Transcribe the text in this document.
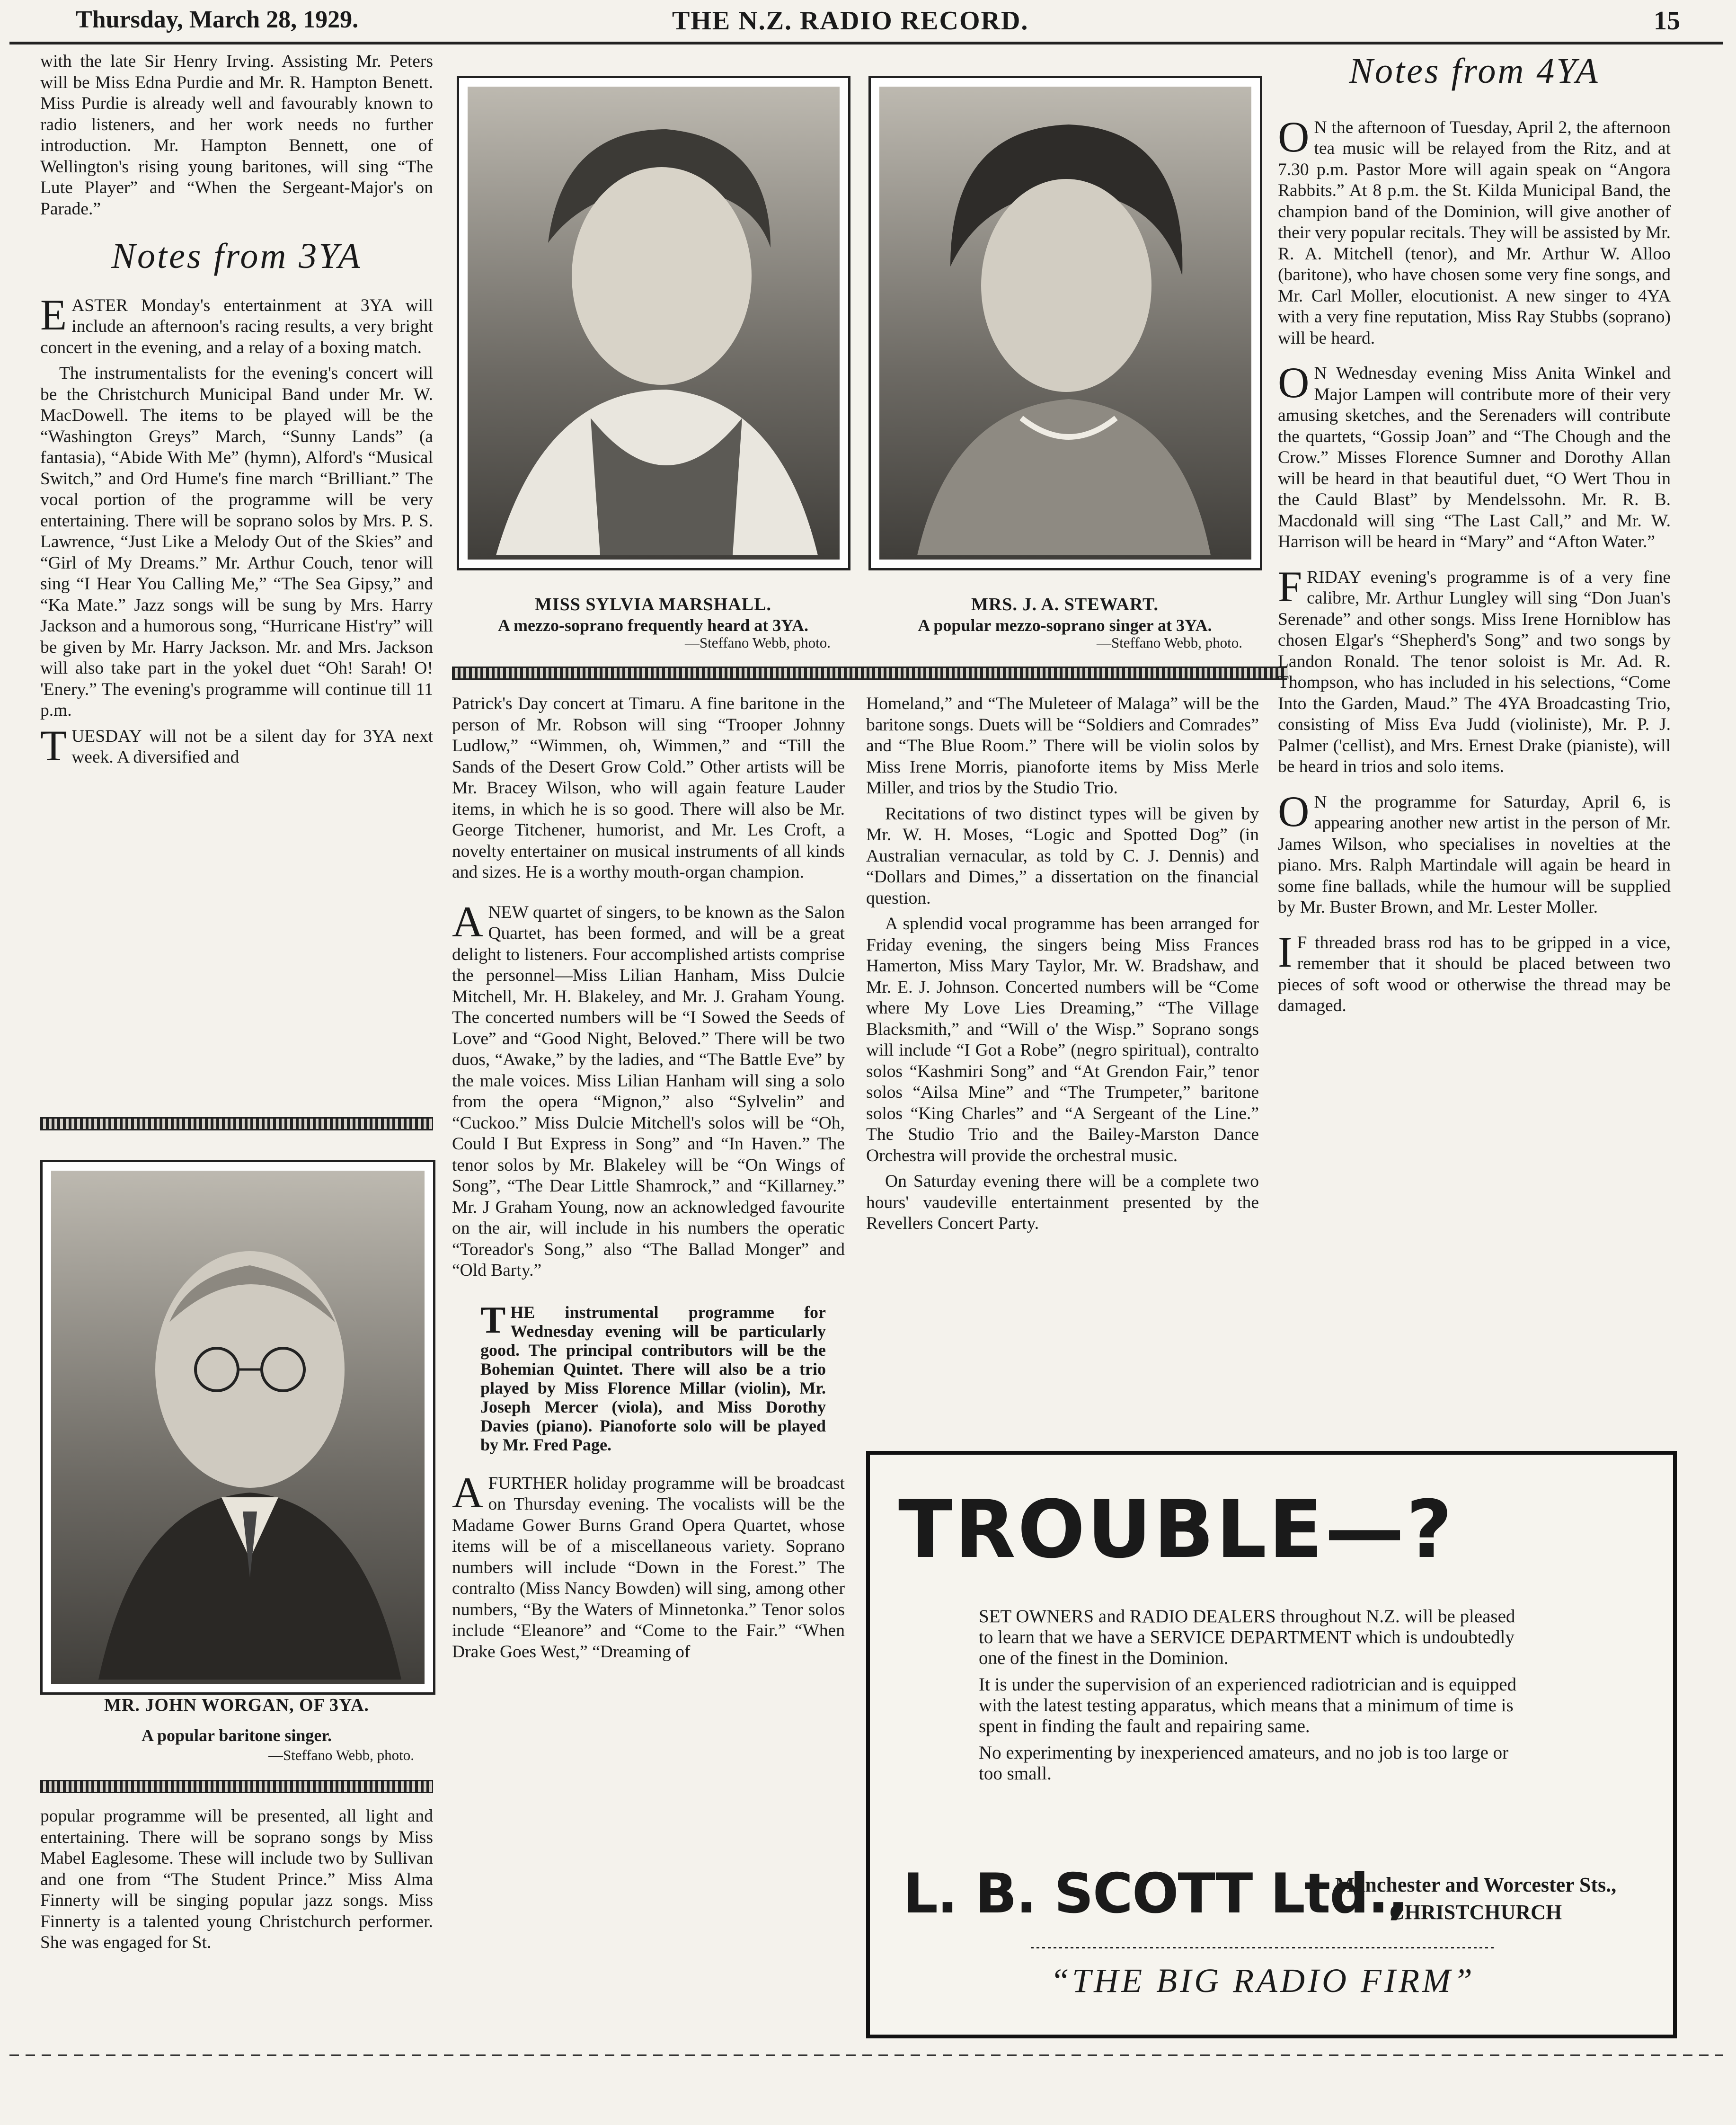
Thursday, March 28, 1929.	THE N.Z. RADIO RECORD.	15

with the late Sir Henry Irving. Assisting Mr. Peters will be Miss Edna Purdie and Mr. R. Hampton Benett. Miss Purdie is already well and favourably known to radio listeners, and her work needs no further introduction. Mr. Hampton Bennett, one of Wellington's rising young baritones, will sing “The Lute Player” and “When the Sergeant-Major's on Parade.”

Notes from 3YA

EASTER Monday's entertainment at 3YA will include an afternoon's racing results, a very bright concert in the evening, and a relay of a boxing match.

The instrumentalists for the evening's concert will be the Christchurch Municipal Band under Mr. W. MacDowell. The items to be played will be the “Washington Greys” March, “Sunny Lands” (a fantasia), “Abide With Me” (hymn), Alford's “Musical Switch,” and Ord Hume's fine march “Brilliant.” The vocal portion of the programme will be very entertaining. There will be soprano solos by Mrs. P. S. Lawrence, “Just Like a Melody Out of the Skies” and “Girl of My Dreams.” Mr. Arthur Couch, tenor will sing “I Hear You Calling Me,” “The Sea Gipsy,” and “Ka Mate.” Jazz songs will be sung by Mrs. Harry Jackson and a humorous song, “Hurricane Hist'ry” will be given by Mr. Harry Jackson. Mr. and Mrs. Jackson will also take part in the yokel duet “Oh! Sarah! O! 'Enery.” The evening's programme will continue till 11 p.m.

TUESDAY will not be a silent day for 3YA next week. A diversified and

MR. JOHN WORGAN, OF 3YA.
A popular baritone singer.
—Steffano Webb, photo.

popular programme will be presented, all light and entertaining. There will be soprano songs by Miss Mabel Eaglesome. These will include two by Sullivan and one from “The Student Prince.” Miss Alma Finnerty will be singing popular jazz songs. Miss Finnerty is a talented young Christchurch performer. She was engaged for St.

MISS SYLVIA MARSHALL.
A mezzo-soprano frequently heard at 3YA.
—Steffano Webb, photo.
MRS. J. A. STEWART.
A popular mezzo-soprano singer at 3YA.
—Steffano Webb, photo.

Patrick's Day concert at Timaru. A fine baritone in the person of Mr. Robson will sing “Trooper Johnny Ludlow,” “Wimmen, oh, Wimmen,” and “Till the Sands of the Desert Grow Cold.” Other artists will be Mr. Bracey Wilson, who will again feature Lauder items, in which he is so good. There will also be Mr. George Titchener, humorist, and Mr. Les Croft, a novelty entertainer on musical instruments of all kinds and sizes. He is a worthy mouth-organ champion.

ANEW quartet of singers, to be known as the Salon Quartet, has been formed, and will be a great delight to listeners. Four accomplished artists comprise the personnel—Miss Lilian Hanham, Miss Dulcie Mitchell, Mr. H. Blakeley, and Mr. J. Graham Young. The concerted numbers will be “I Sowed the Seeds of Love” and “Good Night, Beloved.” There will be two duos, “Awake,” by the ladies, and “The Battle Eve” by the male voices. Miss Lilian Hanham will sing a solo from the opera “Mignon,” also “Sylvelin” and “Cuckoo.” Miss Dulcie Mitchell's solos will be “Oh, Could I But Express in Song” and “In Haven.” The tenor solos by Mr. Blakeley will be “On Wings of Song”, “The Dear Little Shamrock,” and “Killarney.” Mr. J Graham Young, now an acknowledged favourite on the air, will include in his numbers the operatic “Toreador's Song,” also “The Ballad Monger” and “Old Barty.”

THE instrumental programme for Wednesday evening will be particularly good. The principal contributors will be the Bohemian Quintet. There will also be a trio played by Miss Florence Millar (violin), Mr. Joseph Mercer (viola), and Miss Dorothy Davies (piano). Pianoforte solo will be played by Mr. Fred Page.

AFURTHER holiday programme will be broadcast on Thursday evening. The vocalists will be the Madame Gower Burns Grand Opera Quartet, whose items will be of a miscellaneous variety. Soprano numbers will include “Down in the Forest.” The contralto (Miss Nancy Bowden) will sing, among other numbers, “By the Waters of Minnetonka.” Tenor solos include “Eleanore” and “Come to the Fair.” “When Drake Goes West,” “Dreaming of

Homeland,” and “The Muleteer of Malaga” will be the baritone songs. Duets will be “Soldiers and Comrades” and “The Blue Room.” There will be violin solos by Miss Irene Morris, pianoforte items by Miss Merle Miller, and trios by the Studio Trio.

Recitations of two distinct types will be given by Mr. W. H. Moses, “Logic and Spotted Dog” (in Australian vernacular, as told by C. J. Dennis) and “Dollars and Dimes,” a dissertation on the financial question.

A splendid vocal programme has been arranged for Friday evening, the singers being Miss Frances Hamerton, Miss Mary Taylor, Mr. W. Bradshaw, and Mr. E. J. Johnson. Concerted numbers will be “Come where My Love Lies Dreaming,” “The Village Blacksmith,” and “Will o' the Wisp.” Soprano songs will include “I Got a Robe” (negro spiritual), contralto solos “Kashmiri Song” and “At Grendon Fair,” tenor solos “Ailsa Mine” and “The Trumpeter,” baritone solos “King Charles” and “A Sergeant of the Line.” The Studio Trio and the Bailey-Marston Dance Orchestra will provide the orchestral music.

On Saturday evening there will be a complete two hours' vaudeville entertainment presented by the Revellers Concert Party.

Notes from 4YA

O N the afternoon of Tuesday, April 2, the afternoon tea music will be relayed from the Ritz, and at 7.30 p.m. Pastor More will again speak on “Angora Rabbits.” At 8 p.m. the St. Kilda Municipal Band, the champion band of the Dominion, will give another of their very popular recitals. They will be assisted by Mr. R. A. Mitchell (tenor), and Mr. Arthur W. Alloo (baritone), who have chosen some very fine songs, and Mr. Carl Moller, elocutionist. A new singer to 4YA with a very fine reputation, Miss Ray Stubbs (soprano) will be heard.

O N Wednesday evening Miss Anita Winkel and Major Lampen will contribute more of their very amusing sketches, and the Serenaders will contribute the quartets, “Gossip Joan” and “The Chough and the Crow.” Misses Florence Sumner and Dorothy Allan will be heard in that beautiful duet, “O Wert Thou in the Cauld Blast” by Mendelssohn. Mr. R. B. Macdonald will sing “The Last Call,” and Mr. W. Harrison will be heard in “Mary” and “Afton Water.”

FRIDAY evening's programme is of a very fine calibre, Mr. Arthur Lungley will sing “Don Juan's Serenade” and other songs. Miss Irene Horniblow has chosen Elgar's “Shepherd's Song” and two songs by Landon Ronald. The tenor soloist is Mr. Ad. R. Thompson, who has included in his selections, “Come Into the Garden, Maud.” The 4YA Broadcasting Trio, consisting of Miss Eva Judd (violiniste), Mr. P. J. Palmer ('cellist), and Mrs. Ernest Drake (pianiste), will be heard in trios and solo items.

O N the programme for Saturday, April 6, is appearing another new artist in the person of Mr. James Wilson, who specialises in novelties at the piano. Mrs. Ralph Martindale will again be heard in some fine ballads, while the humour will be supplied by Mr. Buster Brown, and Mr. Lester Moller.

I F threaded brass rod has to be gripped in a vice, remember that it should be placed between two pieces of soft wood or otherwise the thread may be damaged.

TROUBLE—?

SET OWNERS and RADIO DEALERS throughout N.Z. will be pleased to learn that we have a SERVICE DEPARTMENT which is undoubtedly one of the finest in the Dominion.

It is under the supervision of an experienced radiotrician and is equipped with the latest testing apparatus, which means that a minimum of time is spent in finding the fault and repairing same.

No experimenting by inexperienced amateurs, and no job is too large or too small.

L. B. SCOTT Ltd.,
Manchester and Worcester Sts.,
CHRISTCHURCH
“THE BIG RADIO FIRM”
